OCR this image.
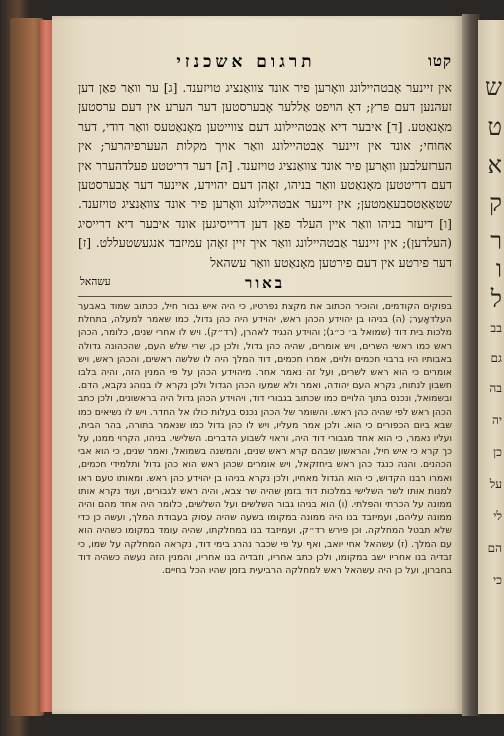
קטו
תרגום אשכנזי

אין זיינער אָבטהיילונג וואָרען פיר אונד צוואַנציג טויזענד. [ג] ער וואַר פאַן דען זעהנען דעם פּרץ; דאָ הויפט אַללער אָבערסטען דער הערע אין דעם ערסטען מאָנאַטע. [ד] איבער דיא אַבטהיילונג דעם צווייטען מאָנאַטעס וואַר דודי, דער אחוחי; אונד אין זיינער אַבטהיילונג וואַר אויך מקלות העערפיהרער; אין הערזעלבען וואָרען פיר אונד צוואַנציג טויזענד. [ה] דער דריטטע פעלדהערר אין דעם דריטטען מאָנאַטע וואַר בניהו, זאָהן דעם יהוידע, איינער דער אָבערסטען שטאַאַטסבעאַמטען; אין זיינער אבטהיילונג וואָרען פיר אונד צוואַנציג טויזענד. [ו] דיעזר בניהו וואַר איין העלד פאַן דען דרייסיגען אונד איבער דיא דרייסיג (העלדען); אין זיינער אַבטהיילונג וואַר איך זיין זאָהן עמיזבד אנגעשטעללט. [ז] דער פירטע אין דעם פירטען מאָנאַטע וואַר עשהאל

באור
עשהאל

בפוקים הקודמים, והוכיר הכתוב את מקצת נפרטיו, כי היה איש גבור חיל, ככתוב שמוד באבער העלדאָער; (ה) בניהו בן יהוידע הכהן ראש, יהוידע היה כהן גדול, כמו שאמר למעלה, בתחלת מלכות בית דוד (שמואל ב׳ כ״ג); והוידע הנגיד לאהרן, (רד״ק). ויש לו אחרי שנים, כלומר, הכהן ראש כמו ראשי השרים, ויש אומרים, שהיה כהן גדול, ולכן כן, שרי שלש העם, שהכהונה גדולה באבותיו היו ברבוי חכמים ולוים, אמרו חכמים, דוד המלך היה לו שלשה ראשים, והכהן ראש, ויש אומרים כי הוא ראש לשרים, ועל זה נאמר אחר. מיהוידע הכהן על פי המנין הזה, והיה בלבו חשבון לנתוח, נקרא העם יהודה, ואמר ולא שמעו הכהן הגדול ולכן נקרא לו בנוהג נקבא, הדם. ובשמואל, ונכנס בתוך הלויים כמו שכתוב בגבורי דוד, ויהוידע הכהן גדול היה בראשונים, ולכן כתב הכהן ראש לפי שהיה כהן ראש. והשומר של הכהן נכנס בעלות כולו אל החדר. ויש לו נשיאים כמו שבא ביום הכפורים כי הוא. ולכן אמר מעליו, ויש לו כהן גדול כמו שנאמר בתורה, בהר הבית, ועליו נאמר, כי הוא אחד מגבורי דוד היה, וראוי לשבוע הדברים. השלישי. בניהו, הקרוי ממנו, על כך קרא כי איש חיל, והראשון שבהם קרא ראש שנים, והמשנה בשמואל, ואמר שנים, כי הוא אבי הכהנים. והנה כנגד כהן ראש ביחזקאל, ויש אומרים שכהן ראש הוא כהן גדול ותלמידי חכמים, ואמרו רבנו הקדוש, כי הוא הגדול מאחיו, ולכן נקרא בניהו בן יהוידע כהן ראש. ומאותו טעם ראו למנות אותו לשר השלישי במלכות דוד בזמן שהיה שר צבא, והיה ראש לגבורים, ועוד נקרא אותו ממונה על הכרתי והפלתי. (ו) הוא בניהו גבור השלשים ועל השלשים, כלומר היה אחד מהם והיה ממונה עליהם, ועמיזבד בנו היה ממונה במקומו בשעה שהיה עסוק בעבודת המלך, ועשה כן כדי שלא תבטל המחלקה. וכן פירש רד״ק, ועמיזבד בנו במחלקתו, שהיה עומד במקומו כשהיה הוא עם המלך. (ז) עשהאל אחי יואב, ואף על פי שכבר נהרג בימי דוד, נקראה המחלקה על שמו, כי זבדיה בנו אחריו ישב במקומו, ולכן כתב אחריו, וזבדיה בנו אחריו, והמנין הזה נעשה כשהיה דוד בחברון, ועל כן היה עשהאל ראש למחלקה הרביעית בזמן שהיו הכל בחיים.

ש
ט
א
ק
ר
ו
ל
בב
גם
בה
יה
כן
על
לי
הם
כי
